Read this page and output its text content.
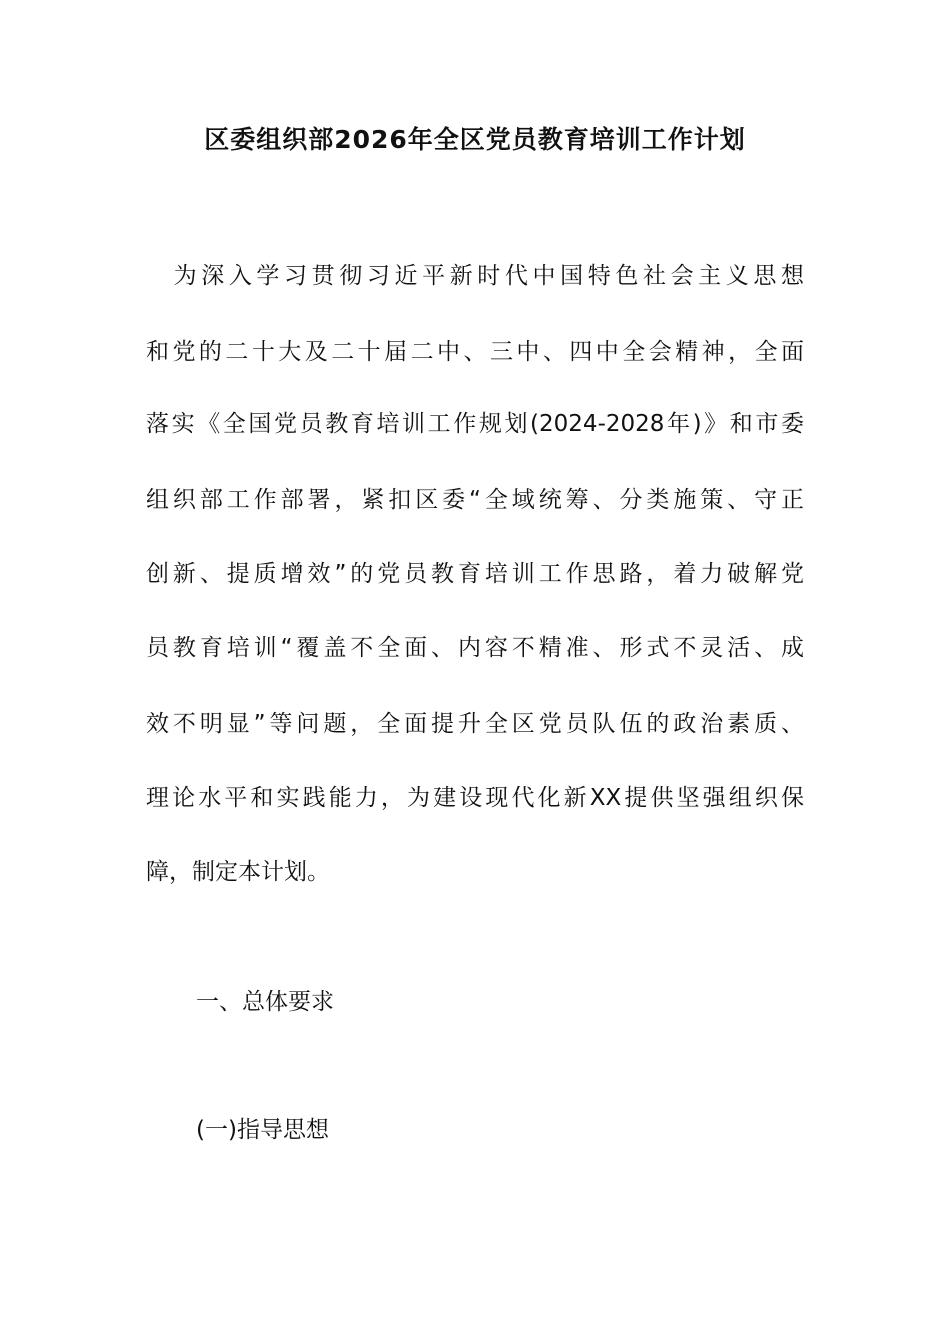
区委组织部2026年全区党员教育培训工作计划
　为深入学习贯彻习近平新时代中国特色社会主义思想
和党的二十大及二十届二中、三中、四中全会精神，全面
落实《全国党员教育培训工作规划(2024-2028年)》和市委
组织部工作部署，紧扣区委“全域统筹、分类施策、守正
创新、提质增效”的党员教育培训工作思路，着力破解党
员教育培训“覆盖不全面、内容不精准、形式不灵活、成
效不明显”等问题，全面提升全区党员队伍的政治素质、
理论水平和实践能力，为建设现代化新XX提供坚强组织保
障，制定本计划。
一、总体要求
(一)指导思想
